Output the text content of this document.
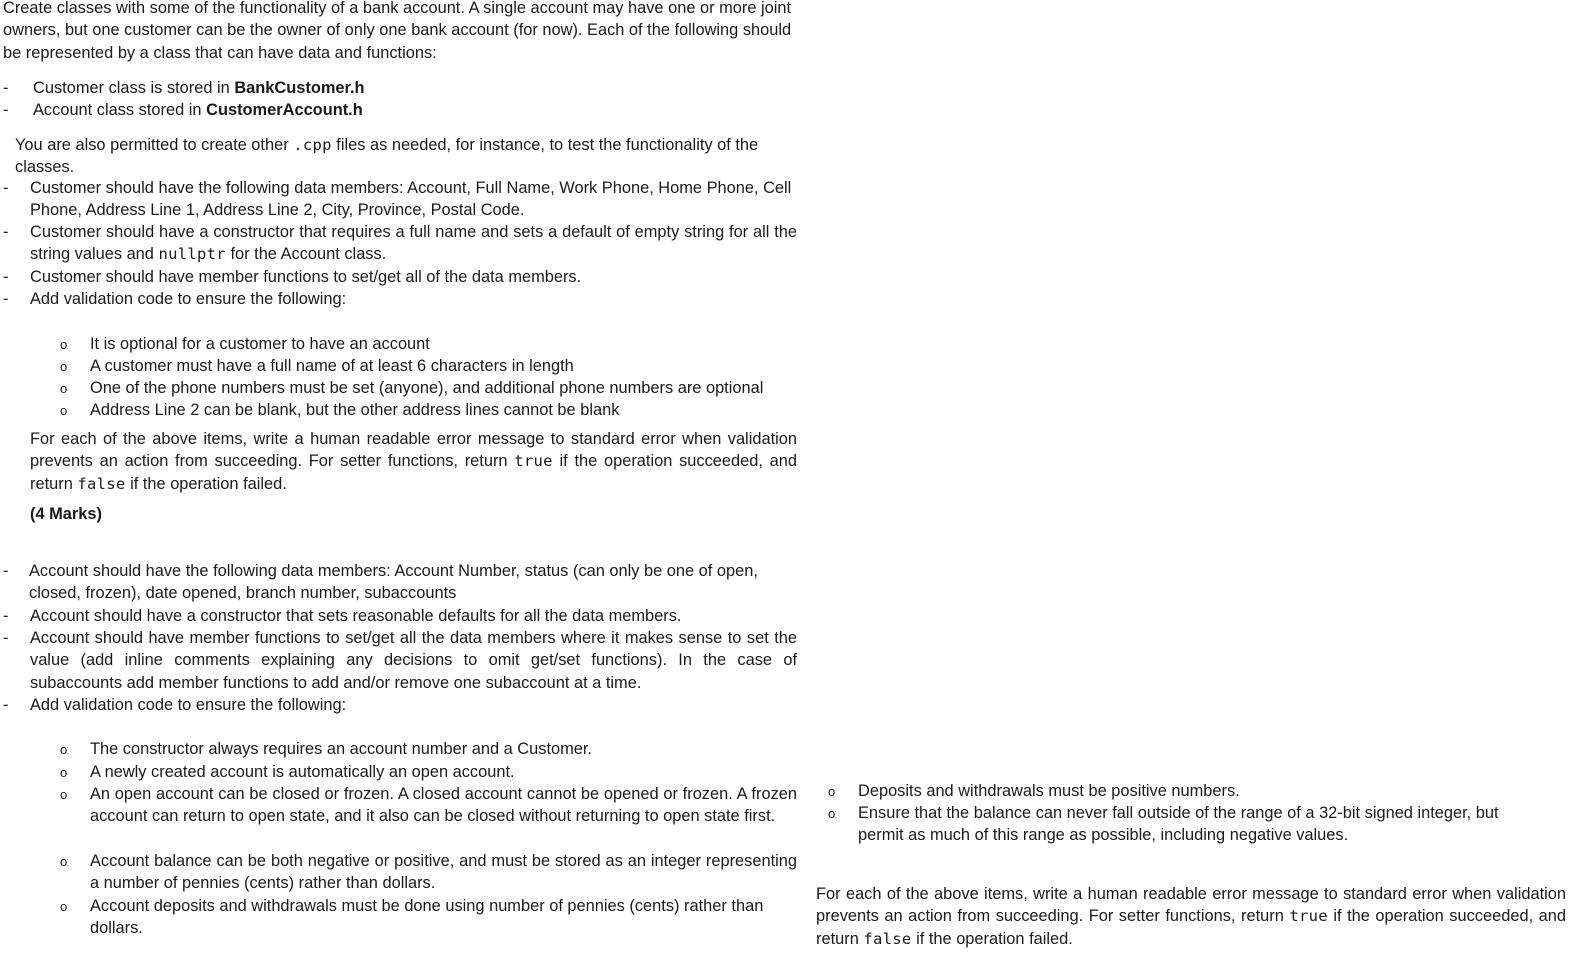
Create classes with some of the functionality of a bank account. A single account may have one or more joint owners, but one customer can be the owner of only one bank account (for now). Each of the following should be represented by a class that can have data and functions:

- Customer class is stored in BankCustomer.h
- Account class stored in CustomerAccount.h

You are also permitted to create other .cpp files as needed, for instance, to test the functionality of the classes.

- Customer should have the following data members: Account, Full Name, Work Phone, Home Phone, Cell Phone, Address Line 1, Address Line 2, City, Province, Postal Code.

- Customer should have a constructor that requires a full name and sets a default of empty string for all the string values and nullptr for the Account class.

- Customer should have member functions to set/get all of the data members.

- Add validation code to ensure the following:

o It is optional for a customer to have an account
o A customer must have a full name of at least 6 characters in length
o One of the phone numbers must be set (anyone), and additional phone numbers are optional
o Address Line 2 can be blank, but the other address lines cannot be blank

For each of the above items, write a human readable error message to standard error when validation prevents an action from succeeding. For setter functions, return true if the operation succeeded, and return false if the operation failed.

(4 Marks)
- Account should have the following data members: Account Number, status (can only be one of open, closed, frozen), date opened, branch number, subaccounts

- Account should have a constructor that sets reasonable defaults for all the data members.

- Account should have member functions to set/get all the data members where it makes sense to set the value (add inline comments explaining any decisions to omit get/set functions). In the case of subaccounts add member functions to add and/or remove one subaccount at a time.

- Add validation code to ensure the following:

o The constructor always requires an account number and a Customer.
o A newly created account is automatically an open account.
o An open account can be closed or frozen. A closed account cannot be opened or frozen. A frozen account can return to open state, and it also can be closed without returning to open state first.
o Account balance can be both negative or positive, and must be stored as an integer representing a number of pennies (cents) rather than dollars.
o Account deposits and withdrawals must be done using number of pennies (cents) rather than dollars.
o Deposits and withdrawals must be positive numbers.
o Ensure that the balance can never fall outside of the range of a 32-bit signed integer, but permit as much of this range as possible, including negative values.

For each of the above items, write a human readable error message to standard error when validation prevents an action from succeeding. For setter functions, return true if the operation succeeded, and return false if the operation failed.
